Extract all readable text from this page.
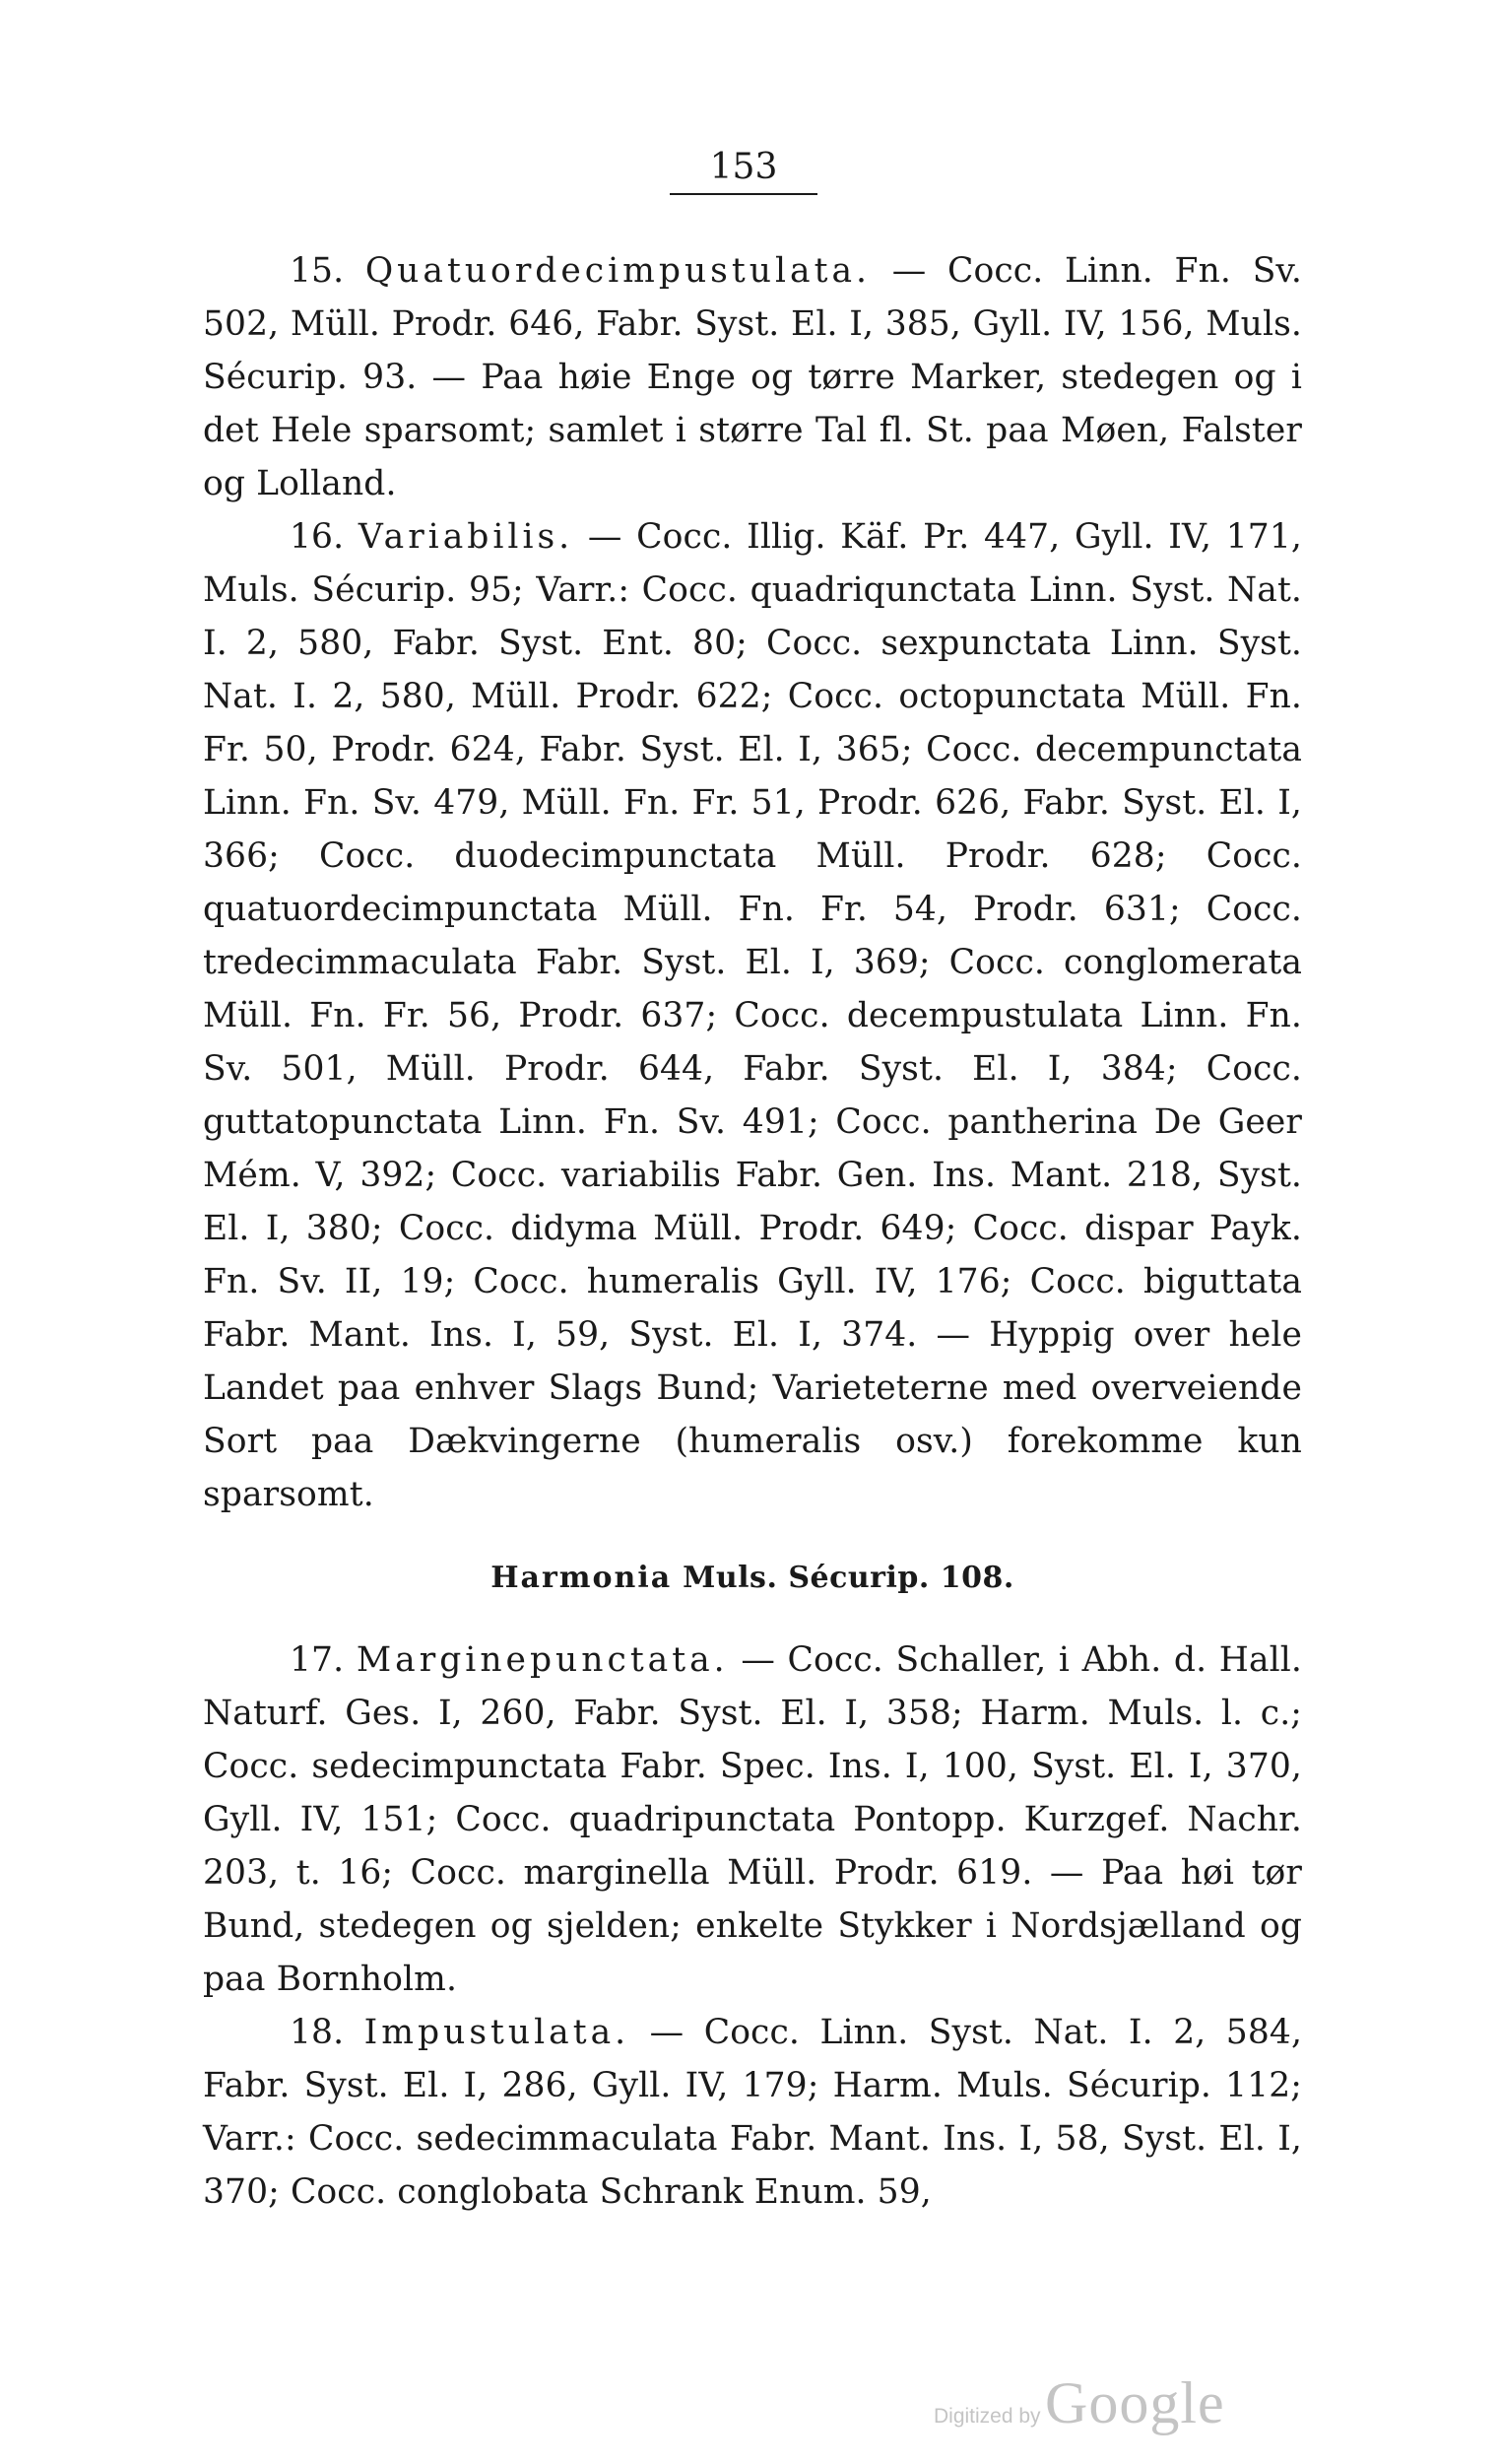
153

15. Quatuordecimpustulata. — Cocc. Linn. Fn. Sv. 502, Müll. Prodr. 646, Fabr. Syst. El. I, 385, Gyll. IV, 156, Muls. Sécurip. 93. — Paa høie Enge og tørre Marker, stedegen og i det Hele sparsomt; samlet i større Tal fl. St. paa Møen, Falster og Lolland.

16. Variabilis. — Cocc. Illig. Käf. Pr. 447, Gyll. IV, 171, Muls. Sécurip. 95; Varr.: Cocc. quadriqunctata Linn. Syst. Nat. I. 2, 580, Fabr. Syst. Ent. 80; Cocc. sexpunctata Linn. Syst. Nat. I. 2, 580, Müll. Prodr. 622; Cocc. octopunctata Müll. Fn. Fr. 50, Prodr. 624, Fabr. Syst. El. I, 365; Cocc. decempunctata Linn. Fn. Sv. 479, Müll. Fn. Fr. 51, Prodr. 626, Fabr. Syst. El. I, 366; Cocc. duodecimpunctata Müll. Prodr. 628; Cocc. quatuordecimpunctata Müll. Fn. Fr. 54, Prodr. 631; Cocc. tredecimmaculata Fabr. Syst. El. I, 369; Cocc. conglomerata Müll. Fn. Fr. 56, Prodr. 637; Cocc. decempustulata Linn. Fn. Sv. 501, Müll. Prodr. 644, Fabr. Syst. El. I, 384; Cocc. guttatopunctata Linn. Fn. Sv. 491; Cocc. pantherina De Geer Mém. V, 392; Cocc. variabilis Fabr. Gen. Ins. Mant. 218, Syst. El. I, 380; Cocc. didyma Müll. Prodr. 649; Cocc. dispar Payk. Fn. Sv. II, 19; Cocc. humeralis Gyll. IV, 176; Cocc. biguttata Fabr. Mant. Ins. I, 59, Syst. El. I, 374. — Hyppig over hele Landet paa enhver Slags Bund; Varieteterne med overveiende Sort paa Dækvingerne (humeralis osv.) forekomme kun sparsomt.

Harmonia Muls. Sécurip. 108.

17. Marginepunctata. — Cocc. Schaller, i Abh. d. Hall. Naturf. Ges. I, 260, Fabr. Syst. El. I, 358; Harm. Muls. l. c.; Cocc. sedecimpunctata Fabr. Spec. Ins. I, 100, Syst. El. I, 370, Gyll. IV, 151; Cocc. quadripunctata Pontopp. Kurzgef. Nachr. 203, t. 16; Cocc. marginella Müll. Prodr. 619. — Paa høi tør Bund, stedegen og sjelden; enkelte Stykker i Nordsjælland og paa Bornholm.

18. Impustulata. — Cocc. Linn. Syst. Nat. I. 2, 584, Fabr. Syst. El. I, 286, Gyll. IV, 179; Harm. Muls. Sécurip. 112; Varr.: Cocc. sedecimmaculata Fabr. Mant. Ins. I, 58, Syst. El. I, 370; Cocc. conglobata Schrank Enum. 59,

Digitized by Google
